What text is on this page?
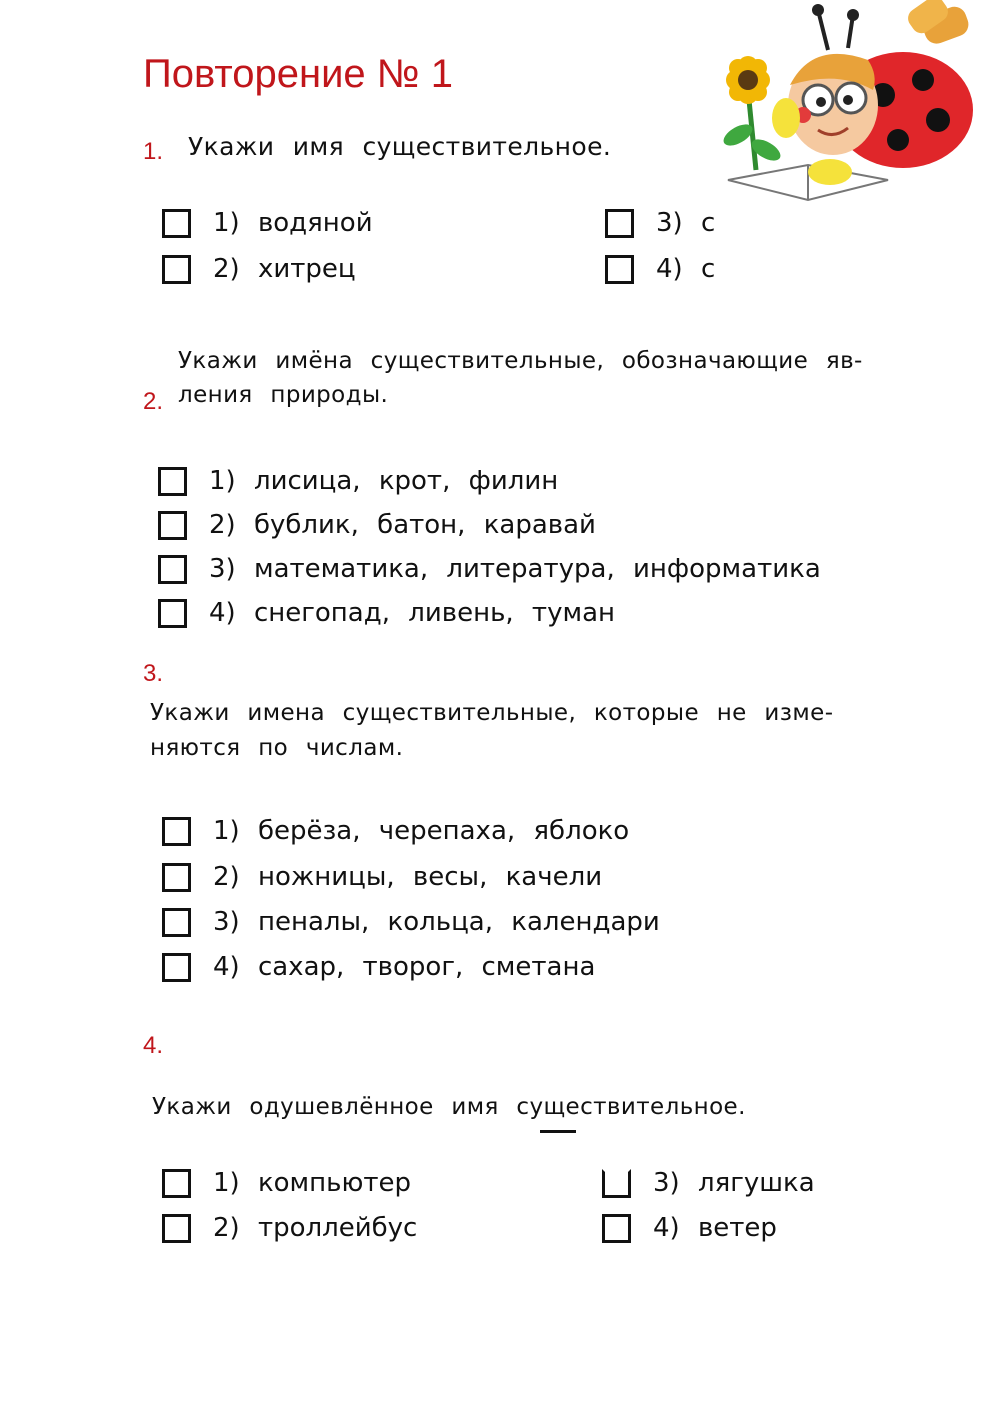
Повторение № 1
1. Укажи имя существительное.
1) водяной
2) хитрец
3) с
4) с
2.
Укажи имёна существительные, обозначающие яв-
ления природы.
1) лисица, крот, филин
2) бублик, батон, каравай
3) математика, литература, информатика
4) снегопад, ливень, туман
3.
Укажи имена существительные, которые не изме-
няются по числам.
1) берёза, черепаха, яблоко
2) ножницы, весы, качели
3) пеналы, кольца, календари
4) сахар, творог, сметана
4.
Укажи одушевлённое имя существительное.
1) компьютер
2) троллейбус
3) лягушка
4) ветер
